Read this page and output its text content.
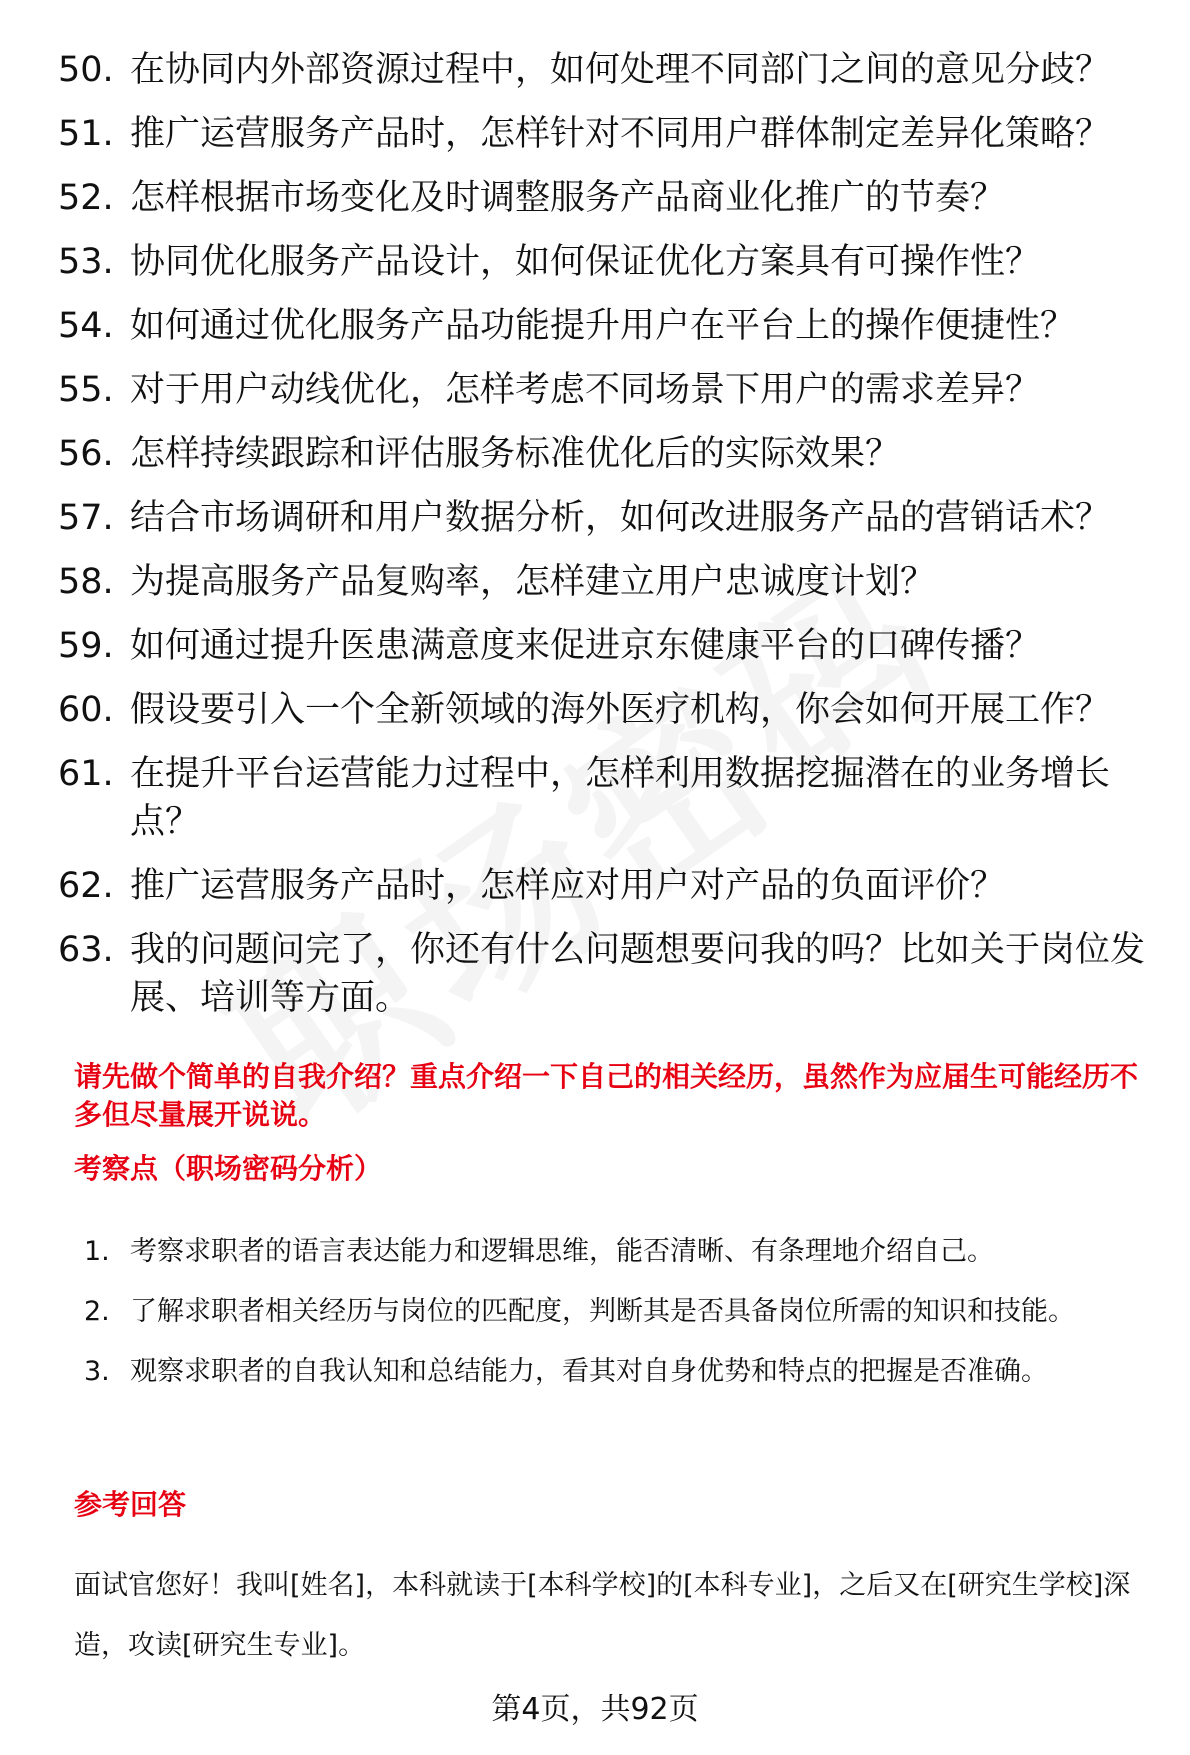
50. 在协同内外部资源过程中，如何处理不同部门之间的意见分歧？
51. 推广运营服务产品时，怎样针对不同用户群体制定差异化策略？
52. 怎样根据市场变化及时调整服务产品商业化推广的节奏？
53. 协同优化服务产品设计，如何保证优化方案具有可操作性？
54. 如何通过优化服务产品功能提升用户在平台上的操作便捷性？
55. 对于用户动线优化，怎样考虑不同场景下用户的需求差异？
56. 怎样持续跟踪和评估服务标准优化后的实际效果？
57. 结合市场调研和用户数据分析，如何改进服务产品的营销话术？
58. 为提高服务产品复购率，怎样建立用户忠诚度计划？
59. 如何通过提升医患满意度来促进京东健康平台的口碑传播？
60. 假设要引入一个全新领域的海外医疗机构，你会如何开展工作？
61. 在提升平台运营能力过程中，怎样利用数据挖掘潜在的业务增长点？
62. 推广运营服务产品时，怎样应对用户对产品的负面评价？
63. 我的问题问完了，你还有什么问题想要问我的吗？比如关于岗位发展、培训等方面。

请先做个简单的自我介绍？重点介绍一下自己的相关经历，虽然作为应届生可能经历不多但尽量展开说说。

考察点（职场密码分析）

1. 考察求职者的语言表达能力和逻辑思维，能否清晰、有条理地介绍自己。
2. 了解求职者相关经历与岗位的匹配度，判断其是否具备岗位所需的知识和技能。
3. 观察求职者的自我认知和总结能力，看其对自身优势和特点的把握是否准确。

参考回答

面试官您好！我叫[姓名]，本科就读于[本科学校]的[本科专业]，之后又在[研究生学校]深造，攻读[研究生专业]。

第4页，共92页
